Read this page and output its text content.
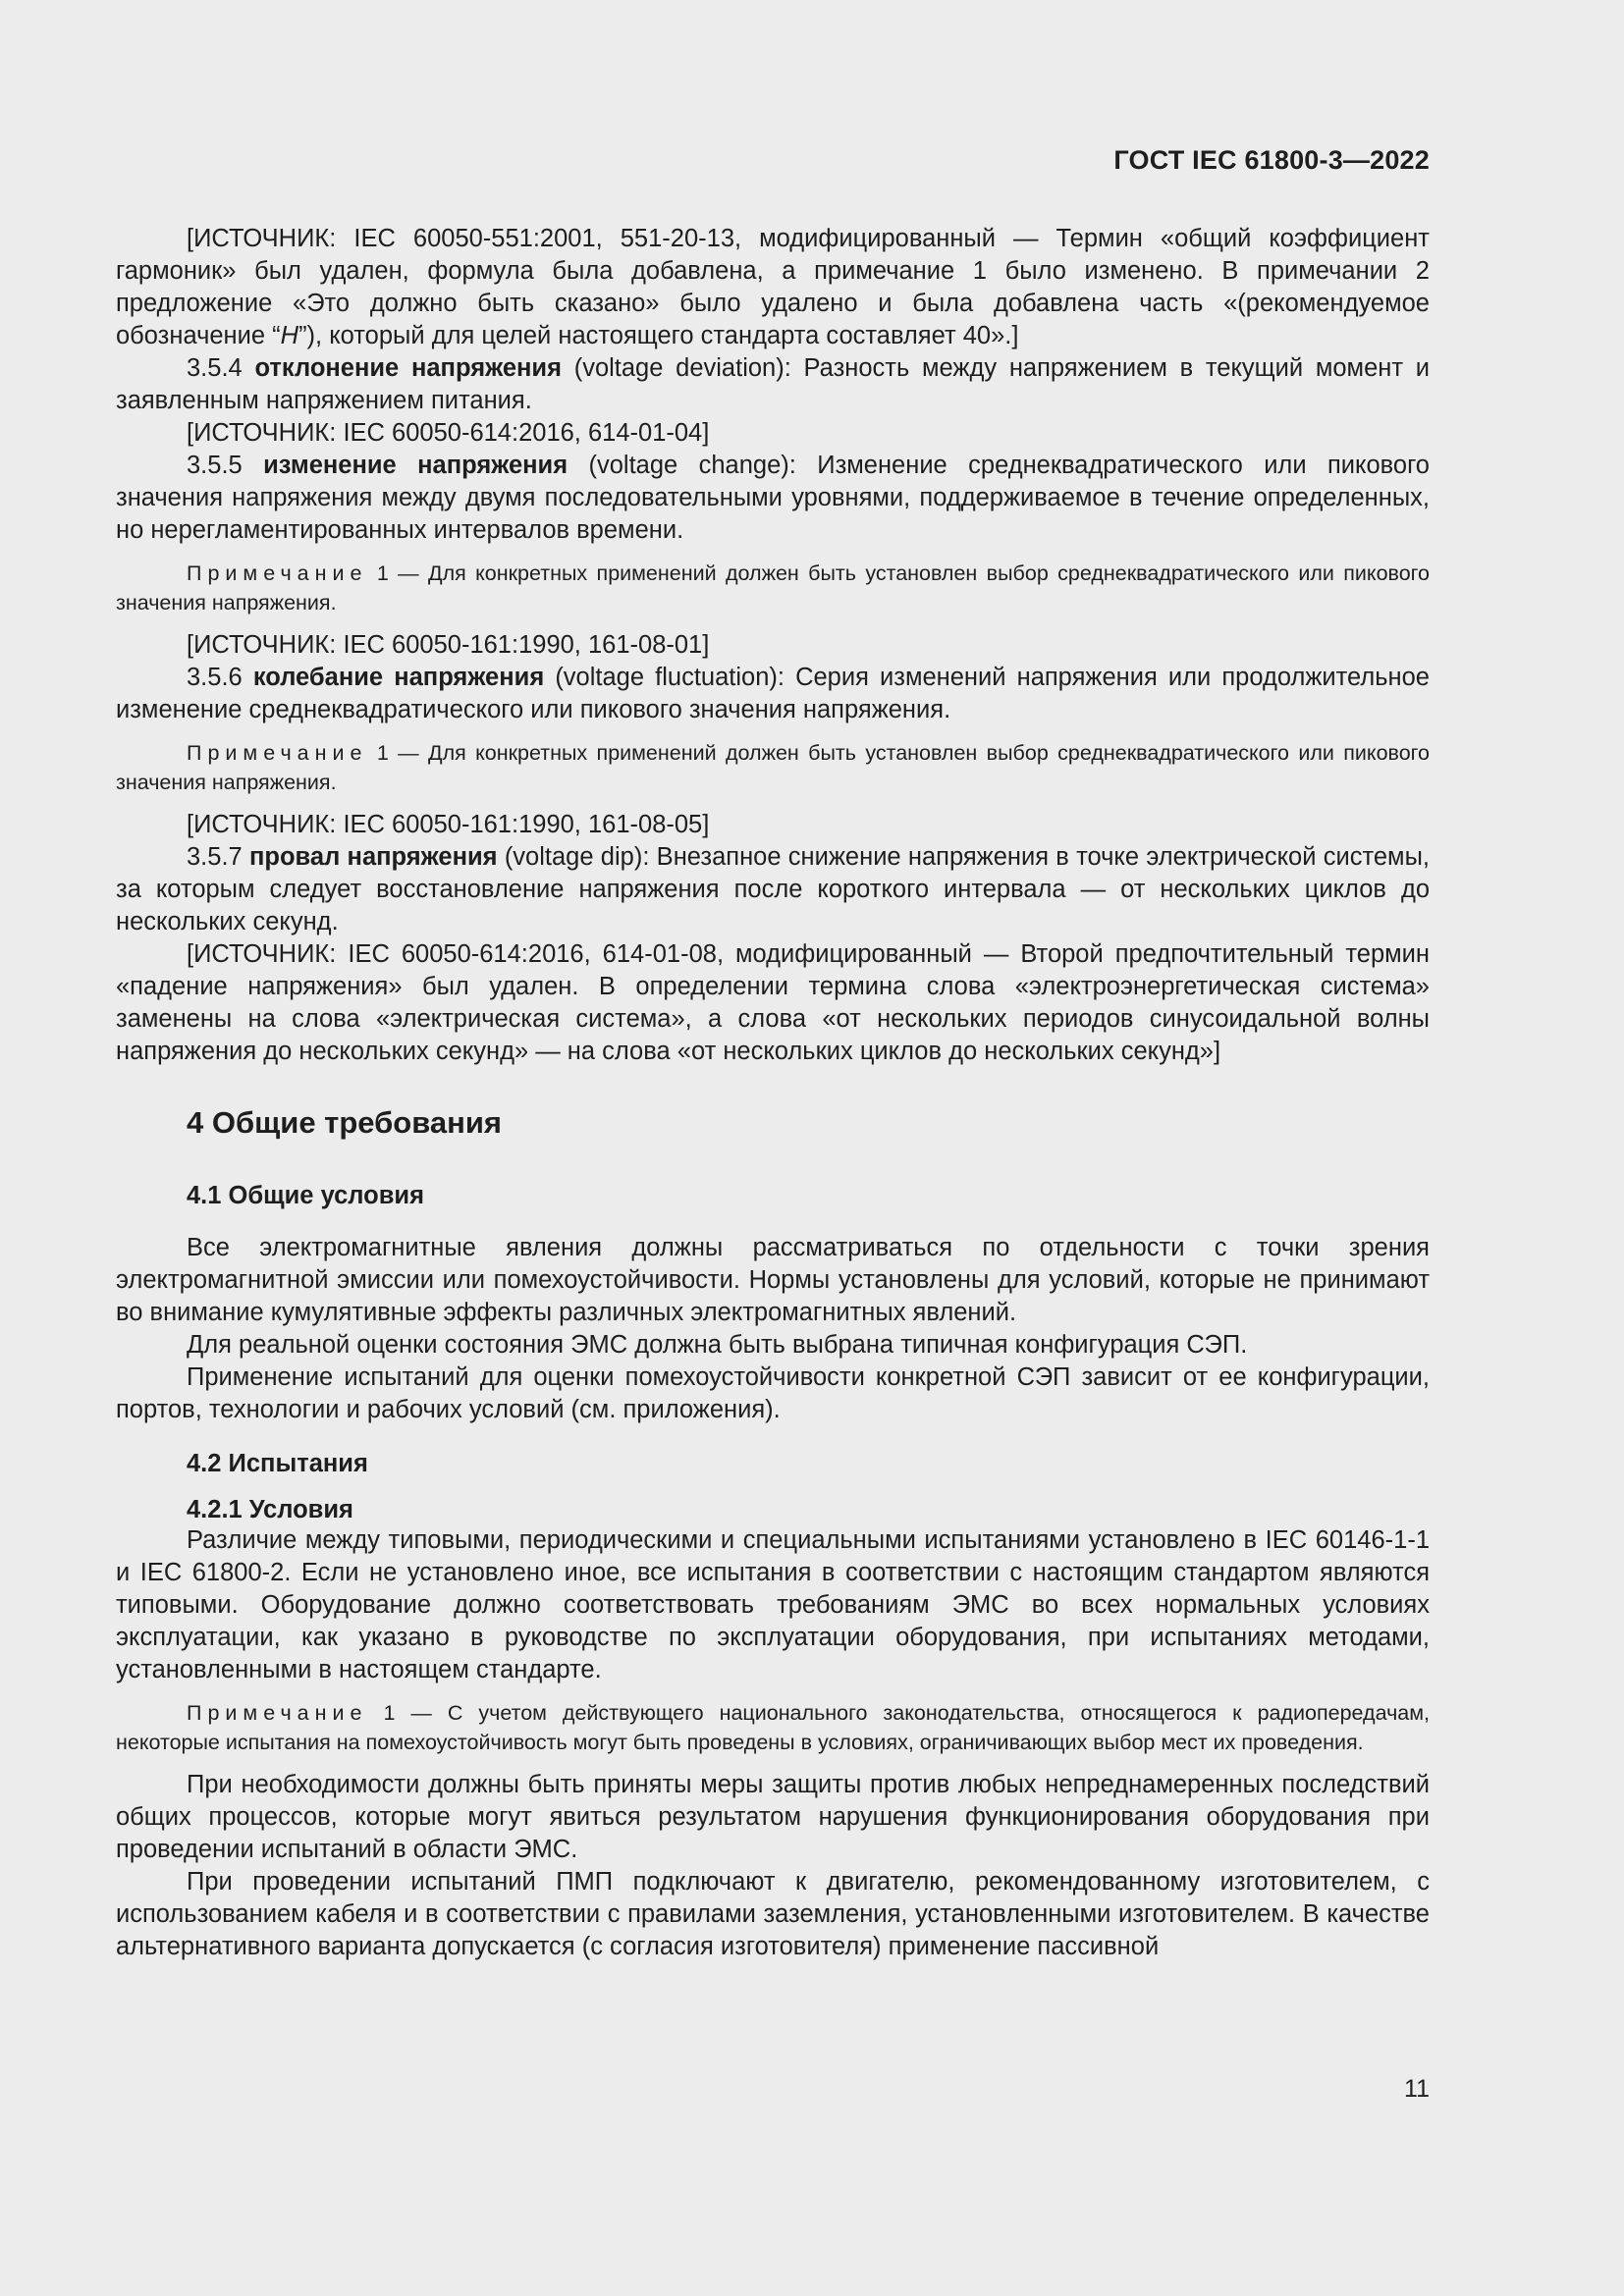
ГОСТ IEC 61800-3—2022

[ИСТОЧНИК: IEC 60050-551:2001, 551-20-13, модифицированный — Термин «общий коэффициент гармоник» был удален, формула была добавлена, а примечание 1 было изменено. В примечании 2 предложение «Это должно быть сказано» было удалено и была добавлена часть «(рекомендуемое обозначение “H”), который для целей настоящего стандарта составляет 40».]

3.5.4 отклонение напряжения (voltage deviation): Разность между напряжением в текущий момент и заявленным напряжением питания.

[ИСТОЧНИК: IEC 60050-614:2016, 614-01-04]

3.5.5 изменение напряжения (voltage change): Изменение среднеквадратического или пикового значения напряжения между двумя последовательными уровнями, поддерживаемое в течение определенных, но нерегламентированных интервалов времени.

Примечание 1 — Для конкретных применений должен быть установлен выбор среднеквадратического или пикового значения напряжения.

[ИСТОЧНИК: IEC 60050-161:1990, 161-08-01]

3.5.6 колебание напряжения (voltage fluctuation): Серия изменений напряжения или продолжительное изменение среднеквадратического или пикового значения напряжения.

Примечание 1 — Для конкретных применений должен быть установлен выбор среднеквадратического или пикового значения напряжения.

[ИСТОЧНИК: IEC 60050-161:1990, 161-08-05]

3.5.7 провал напряжения (voltage dip): Внезапное снижение напряжения в точке электрической системы, за которым следует восстановление напряжения после короткого интервала — от нескольких циклов до нескольких секунд.

[ИСТОЧНИК: IEC 60050-614:2016, 614-01-08, модифицированный — Второй предпочтительный термин «падение напряжения» был удален. В определении термина слова «электроэнергетическая система» заменены на слова «электрическая система», а слова «от нескольких периодов синусоидальной волны напряжения до нескольких секунд» — на слова «от нескольких циклов до нескольких секунд»]

4 Общие требования
4.1 Общие условия

Все электромагнитные явления должны рассматриваться по отдельности с точки зрения электромагнитной эмиссии или помехоустойчивости. Нормы установлены для условий, которые не принимают во внимание кумулятивные эффекты различных электромагнитных явлений.

Для реальной оценки состояния ЭМС должна быть выбрана типичная конфигурация СЭП.

Применение испытаний для оценки помехоустойчивости конкретной СЭП зависит от ее конфигурации, портов, технологии и рабочих условий (см. приложения).

4.2 Испытания
4.2.1 Условия

Различие между типовыми, периодическими и специальными испытаниями установлено в IEC 60146-1-1 и IEC 61800-2. Если не установлено иное, все испытания в соответствии с настоящим стандартом являются типовыми. Оборудование должно соответствовать требованиям ЭМС во всех нормальных условиях эксплуатации, как указано в руководстве по эксплуатации оборудования, при испытаниях методами, установленными в настоящем стандарте.

Примечание 1 — С учетом действующего национального законодательства, относящегося к радиопередачам, некоторые испытания на помехоустойчивость могут быть проведены в условиях, ограничивающих выбор мест их проведения.

При необходимости должны быть приняты меры защиты против любых непреднамеренных последствий общих процессов, которые могут явиться результатом нарушения функционирования оборудования при проведении испытаний в области ЭМС.

При проведении испытаний ПМП подключают к двигателю, рекомендованному изготовителем, с использованием кабеля и в соответствии с правилами заземления, установленными изготовителем. В качестве альтернативного варианта допускается (с согласия изготовителя) применение пассивной

11
